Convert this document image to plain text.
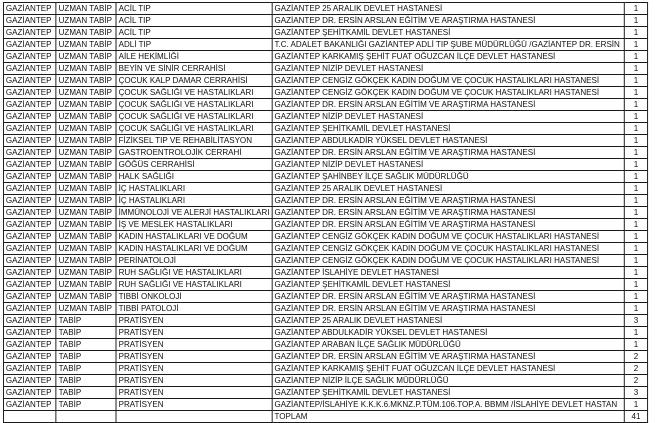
GAZİANTEP	UZMAN TABİP	ACİL TIP	GAZİANTEP 25 ARALIK DEVLET HASTANESİ	1
GAZİANTEP	UZMAN TABİP	ACİL TIP	GAZİANTEP DR. ERSİN ARSLAN EĞİTİM VE ARAŞTIRMA HASTANESİ	1
GAZİANTEP	UZMAN TABİP	ACİL TIP	GAZİANTEP ŞEHİTKAMİL DEVLET HASTANESİ	1
GAZİANTEP	UZMAN TABİP	ADLİ TIP	T.C. ADALET BAKANLIĞI GAZİANTEP ADLİ TIP ŞUBE MÜDÜRLÜĞÜ /GAZİANTEP DR. ERSİN	1
GAZİANTEP	UZMAN TABİP	AİLE HEKİMLİĞİ	GAZİANTEP KARKAMIŞ ŞEHİT FUAT OĞUZCAN İLÇE DEVLET HASTANESİ	1
GAZİANTEP	UZMAN TABİP	BEYİN VE SİNİR CERRAHİSİ	GAZİANTEP NİZİP DEVLET HASTANESİ	1
GAZİANTEP	UZMAN TABİP	ÇOCUK KALP DAMAR CERRAHİSİ	GAZİANTEP CENGİZ GÖKÇEK KADIN DOĞUM VE ÇOCUK HASTALIKLARI HASTANESİ	1
GAZİANTEP	UZMAN TABİP	ÇOCUK SAĞLIĞI VE HASTALIKLARI	GAZİANTEP CENGİZ GÖKÇEK KADIN DOĞUM VE ÇOCUK HASTALIKLARI HASTANESİ	1
GAZİANTEP	UZMAN TABİP	ÇOCUK SAĞLIĞI VE HASTALIKLARI	GAZİANTEP DR. ERSİN ARSLAN EĞİTİM VE ARAŞTIRMA HASTANESİ	1
GAZİANTEP	UZMAN TABİP	ÇOCUK SAĞLIĞI VE HASTALIKLARI	GAZİANTEP NİZİP DEVLET HASTANESİ	1
GAZİANTEP	UZMAN TABİP	ÇOCUK SAĞLIĞI VE HASTALIKLARI	GAZİANTEP ŞEHİTKAMİL DEVLET HASTANESİ	1
GAZİANTEP	UZMAN TABİP	FİZİKSEL TIP VE REHABİLİTASYON	GAZİANTEP ABDULKADİR YÜKSEL DEVLET HASTANESİ	1
GAZİANTEP	UZMAN TABİP	GASTROENTROLOJİK CERRAHİ	GAZİANTEP DR. ERSİN ARSLAN EĞİTİM VE ARAŞTIRMA HASTANESİ	1
GAZİANTEP	UZMAN TABİP	GÖĞÜS CERRAHİSİ	GAZİANTEP NİZİP DEVLET HASTANESİ	1
GAZİANTEP	UZMAN TABİP	HALK SAĞLIĞI	GAZİANTEP ŞAHİNBEY İLÇE SAĞLIK MÜDÜRLÜĞÜ	1
GAZİANTEP	UZMAN TABİP	İÇ HASTALIKLARI	GAZİANTEP 25 ARALIK DEVLET HASTANESİ	1
GAZİANTEP	UZMAN TABİP	İÇ HASTALIKLARI	GAZİANTEP DR. ERSİN ARSLAN EĞİTİM VE ARAŞTIRMA HASTANESİ	1
GAZİANTEP	UZMAN TABİP	İMMÜNOLOJİ VE ALERJİ HASTALIKLARI	GAZİANTEP DR. ERSİN ARSLAN EĞİTİM VE ARAŞTIRMA HASTANESİ	1
GAZİANTEP	UZMAN TABİP	İŞ VE MESLEK HASTALIKLARI	GAZİANTEP DR. ERSİN ARSLAN EĞİTİM VE ARAŞTIRMA HASTANESİ	1
GAZİANTEP	UZMAN TABİP	KADIN HASTALIKLARI VE DOĞUM	GAZİANTEP CENGİZ GÖKÇEK KADIN DOĞUM VE ÇOCUK HASTALIKLARI HASTANESİ	1
GAZİANTEP	UZMAN TABİP	KADIN HASTALIKLARI VE DOĞUM	GAZİANTEP CENGİZ GÖKÇEK KADIN DOĞUM VE ÇOCUK HASTALIKLARI HASTANESİ	1
GAZİANTEP	UZMAN TABİP	PERİNATOLOJİ	GAZİANTEP CENGİZ GÖKÇEK KADIN DOĞUM VE ÇOCUK HASTALIKLARI HASTANESİ	1
GAZİANTEP	UZMAN TABİP	RUH SAĞLIĞI VE HASTALIKLARI	GAZİANTEP İSLAHİYE DEVLET HASTANESİ	1
GAZİANTEP	UZMAN TABİP	RUH SAĞLIĞI VE HASTALIKLARI	GAZİANTEP ŞEHİTKAMİL DEVLET HASTANESİ	1
GAZİANTEP	UZMAN TABİP	TIBBİ ONKOLOJİ	GAZİANTEP DR. ERSİN ARSLAN EĞİTİM VE ARAŞTIRMA HASTANESİ	1
GAZİANTEP	UZMAN TABİP	TIBBİ PATOLOJİ	GAZİANTEP DR. ERSİN ARSLAN EĞİTİM VE ARAŞTIRMA HASTANESİ	1
GAZİANTEP	TABİP	PRATİSYEN	GAZİANTEP 25 ARALIK DEVLET HASTANESİ	3
GAZİANTEP	TABİP	PRATİSYEN	GAZİANTEP ABDULKADİR YÜKSEL DEVLET HASTANESİ	1
GAZİANTEP	TABİP	PRATİSYEN	GAZİANTEP ARABAN İLÇE SAĞLIK MÜDÜRLÜĞÜ	1
GAZİANTEP	TABİP	PRATİSYEN	GAZİANTEP DR. ERSİN ARSLAN EĞİTİM VE ARAŞTIRMA HASTANESİ	2
GAZİANTEP	TABİP	PRATİSYEN	GAZİANTEP KARKAMIŞ ŞEHİT FUAT OĞUZCAN İLÇE DEVLET HASTANESİ	2
GAZİANTEP	TABİP	PRATİSYEN	GAZİANTEP NİZİP İLÇE SAĞLIK MÜDÜRLÜĞÜ	2
GAZİANTEP	TABİP	PRATİSYEN	GAZİANTEP ŞEHİTKAMİL DEVLET HASTANESİ	3
GAZİANTEP	TABİP	PRATİSYEN	GAZİANTEP/İSLAHİYE K.K.K.6.MKNZ.P.TÜM.106.TOP.A. BBMM /İSLAHİYE DEVLET HASTAN	1
			TOPLAM	41
